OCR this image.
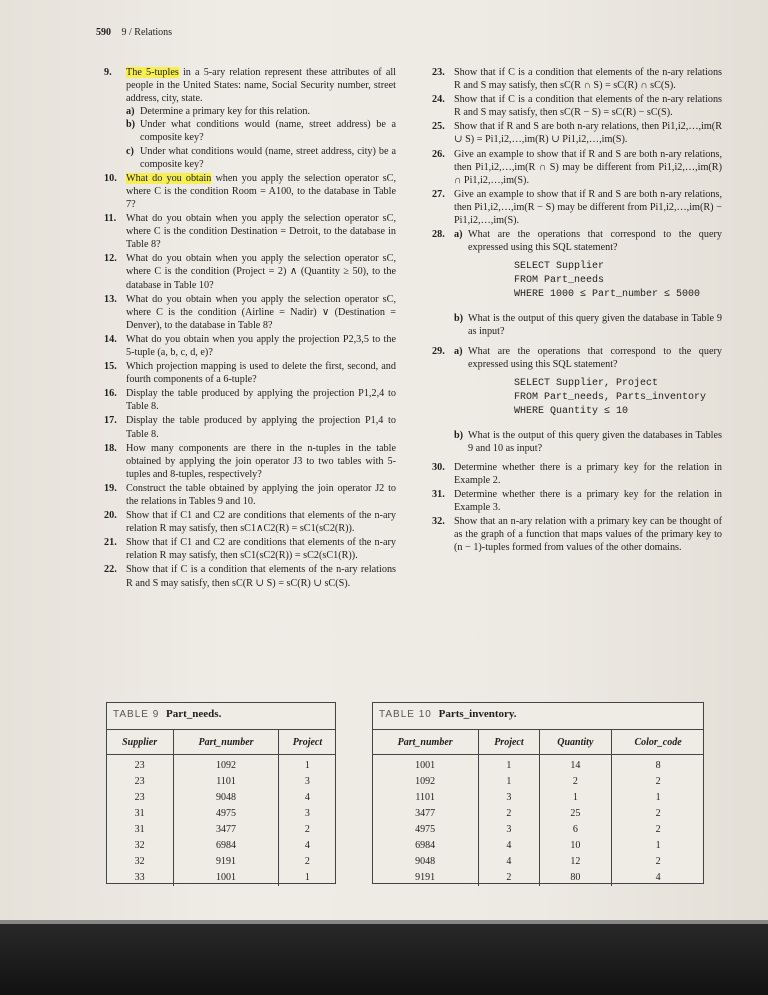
590 9 / Relations
9. The 5-tuples in a 5-ary relation represent these attributes of all people in the United States: name, Social Security number, street address, city, state.
a) Determine a primary key for this relation.
b) Under what conditions would (name, street address) be a composite key?
c) Under what conditions would (name, street address, city) be a composite key?
10. What do you obtain when you apply the selection operator sC, where C is the condition Room = A100, to the database in Table 7?
11. What do you obtain when you apply the selection operator sC, where C is the condition Destination = Detroit, to the database in Table 8?
12. What do you obtain when you apply the selection operator sC, where C is the condition (Project = 2) ∧ (Quantity ≥ 50), to the database in Table 10?
13. What do you obtain when you apply the selection operator sC, where C is the condition (Airline = Nadir) ∨ (Destination = Denver), to the database in Table 8?
14. What do you obtain when you apply the projection P2,3,5 to the 5-tuple (a, b, c, d, e)?
15. Which projection mapping is used to delete the first, second, and fourth components of a 6-tuple?
16. Display the table produced by applying the projection P1,2,4 to Table 8.
17. Display the table produced by applying the projection P1,4 to Table 8.
18. How many components are there in the n-tuples in the table obtained by applying the join operator J3 to two tables with 5-tuples and 8-tuples, respectively?
19. Construct the table obtained by applying the join operator J2 to the relations in Tables 9 and 10.
20. Show that if C1 and C2 are conditions that elements of the n-ary relation R may satisfy, then sC1∧C2(R) = sC1(sC2(R)).
21. Show that if C1 and C2 are conditions that elements of the n-ary relation R may satisfy, then sC1(sC2(R)) = sC2(sC1(R)).
22. Show that if C is a condition that elements of the n-ary relations R and S may satisfy, then sC(R ∪ S) = sC(R) ∪ sC(S).
23. Show that if C is a condition that elements of the n-ary relations R and S may satisfy, then sC(R ∩ S) = sC(R) ∩ sC(S).
24. Show that if C is a condition that elements of the n-ary relations R and S may satisfy, then sC(R − S) = sC(R) − sC(S).
25. Show that if R and S are both n-ary relations, then Pi1,i2,…,im(R ∪ S) = Pi1,i2,…,im(R) ∪ Pi1,i2,…,im(S).
26. Give an example to show that if R and S are both n-ary relations, then Pi1,i2,…,im(R ∩ S) may be different from Pi1,i2,…,im(R) ∩ Pi1,i2,…,im(S).
27. Give an example to show that if R and S are both n-ary relations, then Pi1,i2,…,im(R − S) may be different from Pi1,i2,…,im(R) − Pi1,i2,…,im(S).
28. a) What are the operations that correspond to the query expressed using this SQL statement?
SELECT Supplier
FROM Part_needs
WHERE 1000 ≤ Part_number ≤ 5000
b) What is the output of this query given the database in Table 9 as input?
29. a) What are the operations that correspond to the query expressed using this SQL statement?
SELECT Supplier, Project
FROM Part_needs, Parts_inventory
WHERE Quantity ≤ 10
b) What is the output of this query given the databases in Tables 9 and 10 as input?
30. Determine whether there is a primary key for the relation in Example 2.
31. Determine whether there is a primary key for the relation in Example 3.
32. Show that an n-ary relation with a primary key can be thought of as the graph of a function that maps values of the primary key to (n − 1)-tuples formed from values of the other domains.
TABLE 9 Part_needs.
Supplier	Part_number	Project
23	1092	1
23	1101	3
23	9048	4
31	4975	3
31	3477	2
32	6984	4
32	9191	2
33	1001	1
TABLE 10 Parts_inventory.
Part_number	Project	Quantity	Color_code
1001	1	14	8
1092	1	2	2
1101	3	1	1
3477	2	25	2
4975	3	6	2
6984	4	10	1
9048	4	12	2
9191	2	80	4
